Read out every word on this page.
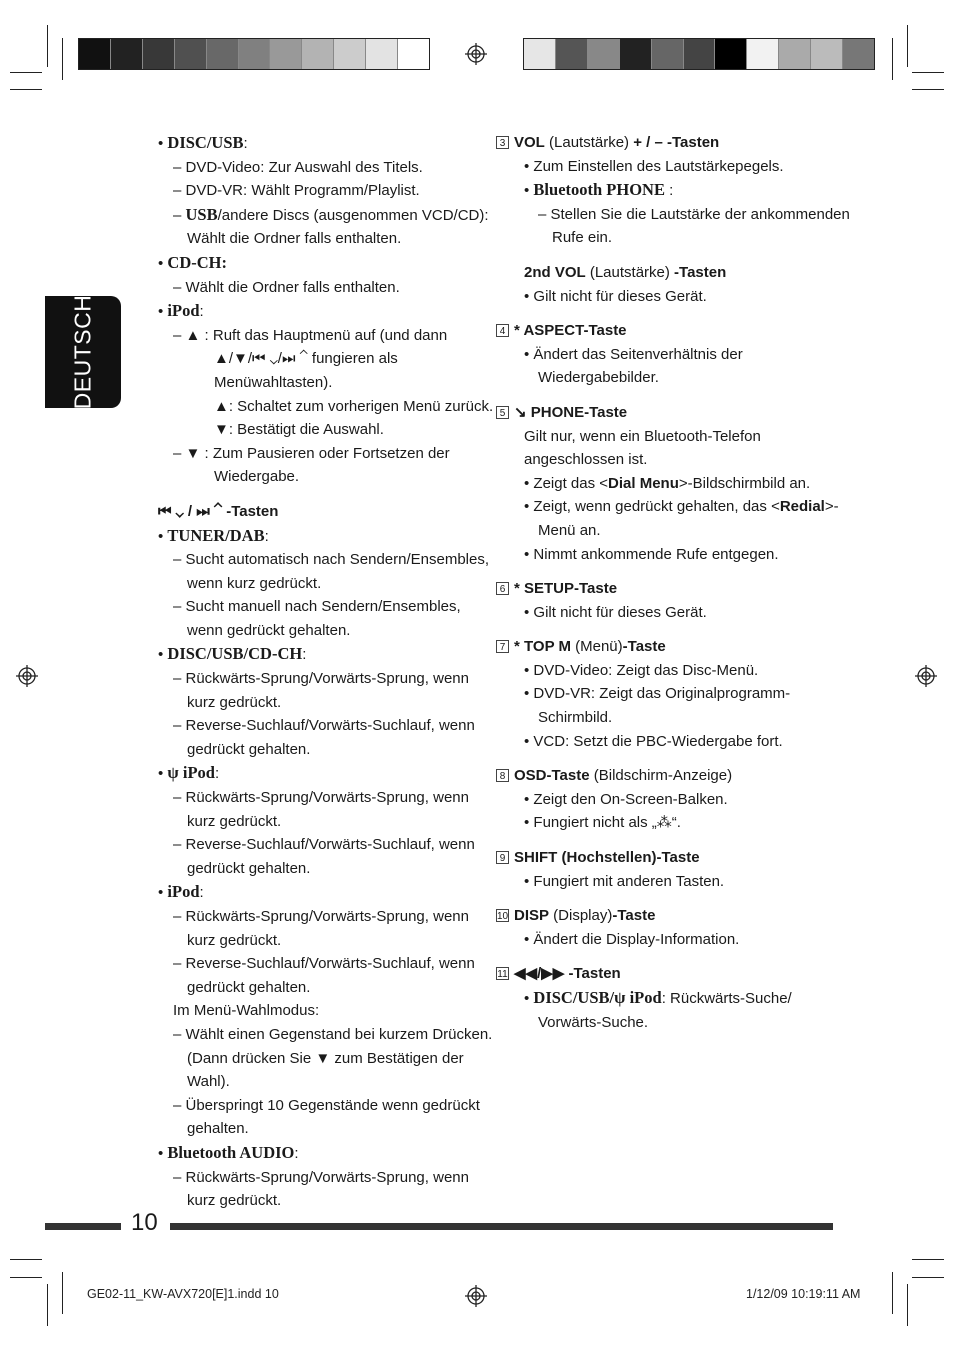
DEUTSCH

• DISC/USB:

– DVD-Video: Zur Auswahl des Titels.

– DVD-VR: Wählt Programm/Playlist.

– USB/andere Discs (ausgenommen VCD/CD):

Wählt die Ordner falls enthalten.

• CD-CH:

– Wählt die Ordner falls enthalten.

• iPod:

– ▲ : Ruft das Hauptmenü auf (und dann

▲/▼/⏮ ⌄/⏭ ⌃ fungieren als

Menüwahltasten).

▲: Schaltet zum vorherigen Menü zurück.

▼: Bestätigt die Auswahl.

– ▼ : Zum Pausieren oder Fortsetzen der

Wiedergabe.

⏮ ⌄ / ⏭ ⌃ -Tasten

• TUNER/DAB:

– Sucht automatisch nach Sendern/Ensembles,

wenn kurz gedrückt.

– Sucht manuell nach Sendern/Ensembles,

wenn gedrückt gehalten.

• DISC/USB/CD-CH:

– Rückwärts-Sprung/Vorwärts-Sprung, wenn

kurz gedrückt.

– Reverse-Suchlauf/Vorwärts-Suchlauf, wenn

gedrückt gehalten.

• ψ iPod:

– Rückwärts-Sprung/Vorwärts-Sprung, wenn

kurz gedrückt.

– Reverse-Suchlauf/Vorwärts-Suchlauf, wenn

gedrückt gehalten.

• iPod:

– Rückwärts-Sprung/Vorwärts-Sprung, wenn

kurz gedrückt.

– Reverse-Suchlauf/Vorwärts-Suchlauf, wenn

gedrückt gehalten.

Im Menü-Wahlmodus:

– Wählt einen Gegenstand bei kurzem Drücken.

(Dann drücken Sie ▼ zum Bestätigen der

Wahl).

– Überspringt 10 Gegenstände wenn gedrückt

gehalten.

• Bluetooth AUDIO:

– Rückwärts-Sprung/Vorwärts-Sprung, wenn

kurz gedrückt.

3 VOL (Lautstärke) + / – -Tasten

• Zum Einstellen des Lautstärkepegels.

• Bluetooth PHONE :

– Stellen Sie die Lautstärke der ankommenden

Rufe ein.

2nd VOL (Lautstärke) -Tasten

• Gilt nicht für dieses Gerät.

4 * ASPECT-Taste

• Ändert das Seitenverhältnis der

Wiedergabebilder.

5 ↘ PHONE-Taste

Gilt nur, wenn ein Bluetooth-Telefon

angeschlossen ist.

• Zeigt das <Dial Menu>-Bildschirmbild an.

• Zeigt, wenn gedrückt gehalten, das <Redial>-

Menü an.

• Nimmt ankommende Rufe entgegen.

6 * SETUP-Taste

• Gilt nicht für dieses Gerät.

7 * TOP M (Menü)-Taste

• DVD-Video: Zeigt das Disc-Menü.

• DVD-VR: Zeigt das Originalprogramm-

Schirmbild.

• VCD: Setzt die PBC-Wiedergabe fort.

8 OSD-Taste (Bildschirm-Anzeige)

• Zeigt den On-Screen-Balken.

• Fungiert nicht als „⁂“.

9 SHIFT (Hochstellen)-Taste

• Fungiert mit anderen Tasten.

10 DISP (Display)-Taste

• Ändert die Display-Information.

11 ◀◀/▶▶ -Tasten

• DISC/USB/ψ iPod: Rückwärts-Suche/

Vorwärts-Suche.

10
GE02-11_KW-AVX720[E]1.indd 10	1/12/09 10:19:11 AM
